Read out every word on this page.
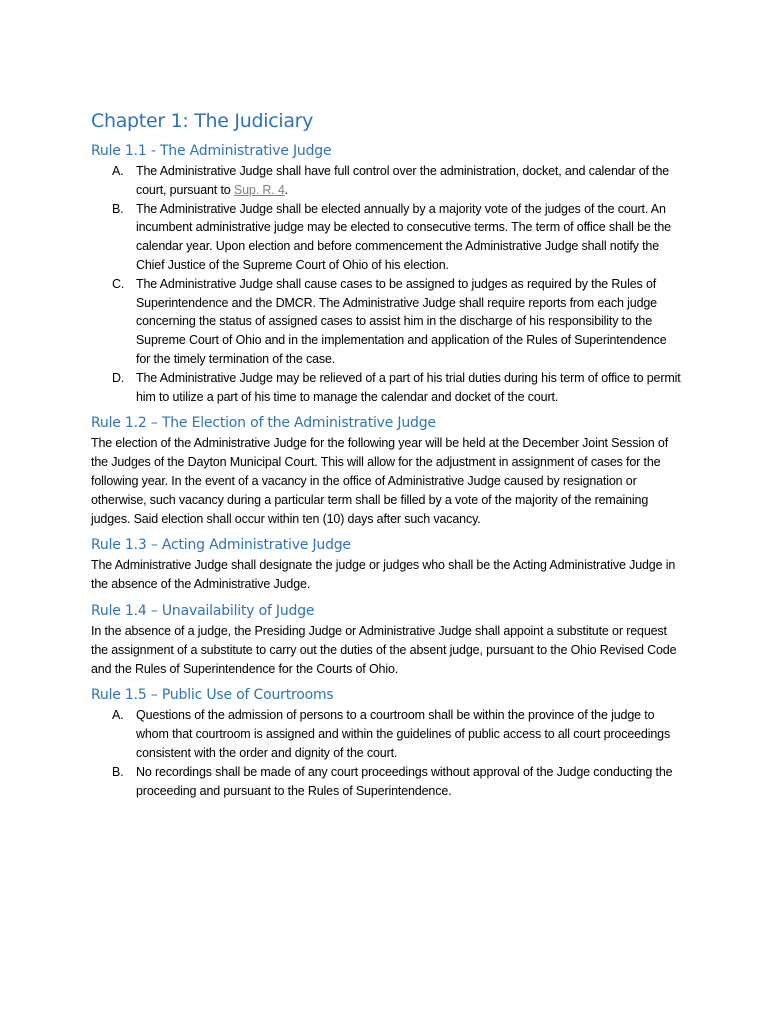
Chapter 1: The Judiciary
Rule 1.1 - The Administrative Judge
A. The Administrative Judge shall have full control over the administration, docket, and calendar of the court, pursuant to Sup. R. 4.
B. The Administrative Judge shall be elected annually by a majority vote of the judges of the court. An incumbent administrative judge may be elected to consecutive terms. The term of office shall be the calendar year. Upon election and before commencement the Administrative Judge shall notify the Chief Justice of the Supreme Court of Ohio of his election.
C. The Administrative Judge shall cause cases to be assigned to judges as required by the Rules of Superintendence and the DMCR. The Administrative Judge shall require reports from each judge concerning the status of assigned cases to assist him in the discharge of his responsibility to the Supreme Court of Ohio and in the implementation and application of the Rules of Superintendence for the timely termination of the case.
D. The Administrative Judge may be relieved of a part of his trial duties during his term of office to permit him to utilize a part of his time to manage the calendar and docket of the court.
Rule 1.2 – The Election of the Administrative Judge

The election of the Administrative Judge for the following year will be held at the December Joint Session of the Judges of the Dayton Municipal Court. This will allow for the adjustment in assignment of cases for the following year. In the event of a vacancy in the office of Administrative Judge caused by resignation or otherwise, such vacancy during a particular term shall be filled by a vote of the majority of the remaining judges. Said election shall occur within ten (10) days after such vacancy.

Rule 1.3 – Acting Administrative Judge

The Administrative Judge shall designate the judge or judges who shall be the Acting Administrative Judge in the absence of the Administrative Judge.

Rule 1.4 – Unavailability of Judge

In the absence of a judge, the Presiding Judge or Administrative Judge shall appoint a substitute or request the assignment of a substitute to carry out the duties of the absent judge, pursuant to the Ohio Revised Code and the Rules of Superintendence for the Courts of Ohio.

Rule 1.5 – Public Use of Courtrooms
A. Questions of the admission of persons to a courtroom shall be within the province of the judge to whom that courtroom is assigned and within the guidelines of public access to all court proceedings consistent with the order and dignity of the court.
B. No recordings shall be made of any court proceedings without approval of the Judge conducting the proceeding and pursuant to the Rules of Superintendence.
